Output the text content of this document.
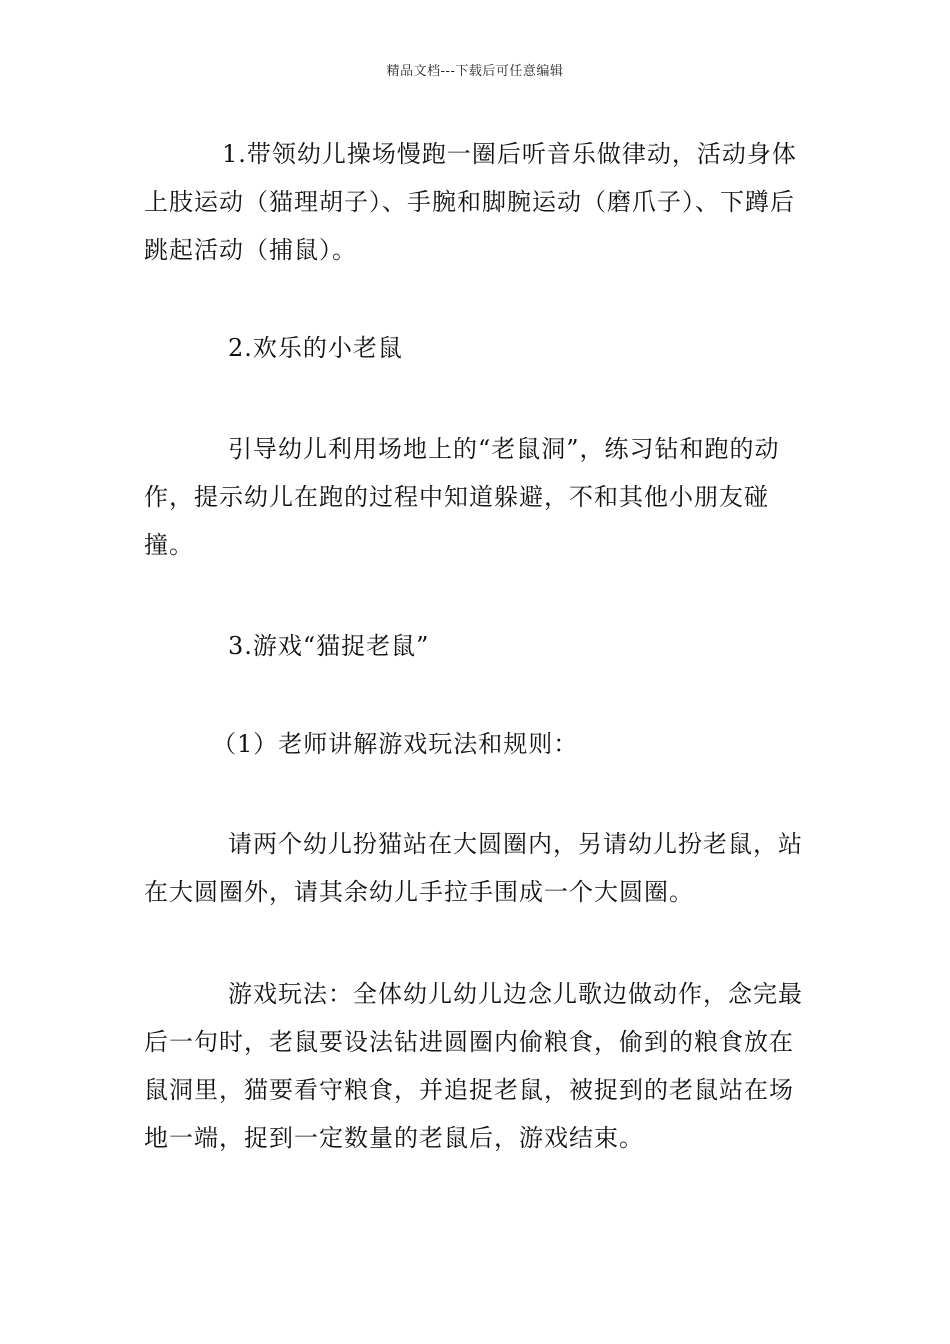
精品文档---下载后可任意编辑

1.带领幼儿操场慢跑一圈后听音乐做律动，活动身体上肢运动（猫理胡子）、手腕和脚腕运动（磨爪子）、下蹲后跳起活动（捕鼠）。

2.欢乐的小老鼠

引导幼儿利用场地上的“老鼠洞”，练习钻和跑的动作，提示幼儿在跑的过程中知道躲避，不和其他小朋友碰撞。

3.游戏“猫捉老鼠”

（1）老师讲解游戏玩法和规则：

请两个幼儿扮猫站在大圆圈内，另请幼儿扮老鼠，站在大圆圈外，请其余幼儿手拉手围成一个大圆圈。

游戏玩法：全体幼儿幼儿边念儿歌边做动作，念完最后一句时，老鼠要设法钻进圆圈内偷粮食，偷到的粮食放在鼠洞里，猫要看守粮食，并追捉老鼠，被捉到的老鼠站在场地一端，捉到一定数量的老鼠后，游戏结束。
